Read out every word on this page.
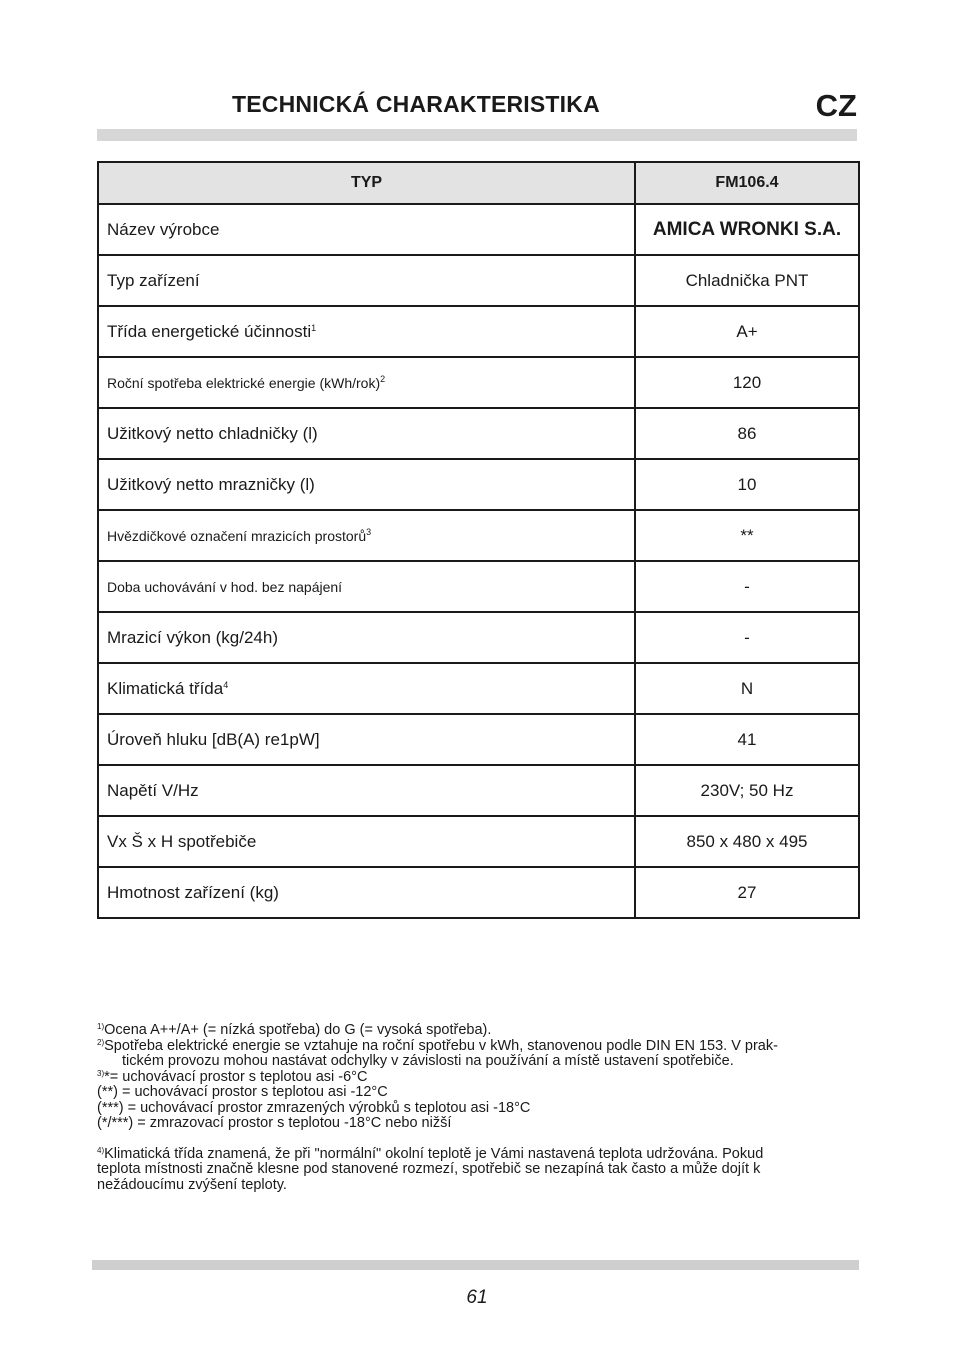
TECHNICKÁ CHARAKTERISTIKA	CZ
TYP	FM106.4
Název výrobce	AMICA WRONKI S.A.
Typ zařízení	Chladnička PNT
Třída energetické účinnosti$^1$	A+
Roční spotřeba elektrické energie $(kWh/rok)^2$	120
Užitkový netto chladničky (l)	86
Užitkový netto mrazničky (l)	10
Hvězdičkové označení mrazicích prostorů$^3$	**
Doba uchovávání v hod. bez napájení	-
Mrazicí výkon (kg/24h)	-
Klimatická třída$^4$	N
Úroveň hluku [dB(A) re1pW]	41
Napětí V/Hz	230V; 50 Hz
Vx Š x H spotřebiče	850 x 480 x 495
Hmotnost zařízení (kg)	27

$^{1)}$Ocena A++/A+ (= nízká spotřeba) do G (= vysoká spotřeba).

$^{2)}$Spotřeba elektrické energie se vztahuje na roční spotřebu v kWh, stanovenou podle DIN EN 153. V prak-

tickém provozu mohou nastávat odchylky v závislosti na používání a místě ustavení spotřebiče.

$^{3)}$*= uchovávací prostor s teplotou asi -6°C

(**) = uchovávací prostor s teplotou asi -12°C

(***) = uchovávací prostor zmrazených výrobků s teplotou asi -18°C

(*/***) = zmrazovací prostor s teplotou -18°C nebo nižší

$^{4)}$Klimatická třída znamená, že při "normální" okolní teplotě je Vámi nastavená teplota udržována. Pokud

teplota místnosti značně klesne pod stanovené rozmezí, spotřebič se nezapíná tak často a může dojít k

nežádoucímu zvýšení teploty.

61
